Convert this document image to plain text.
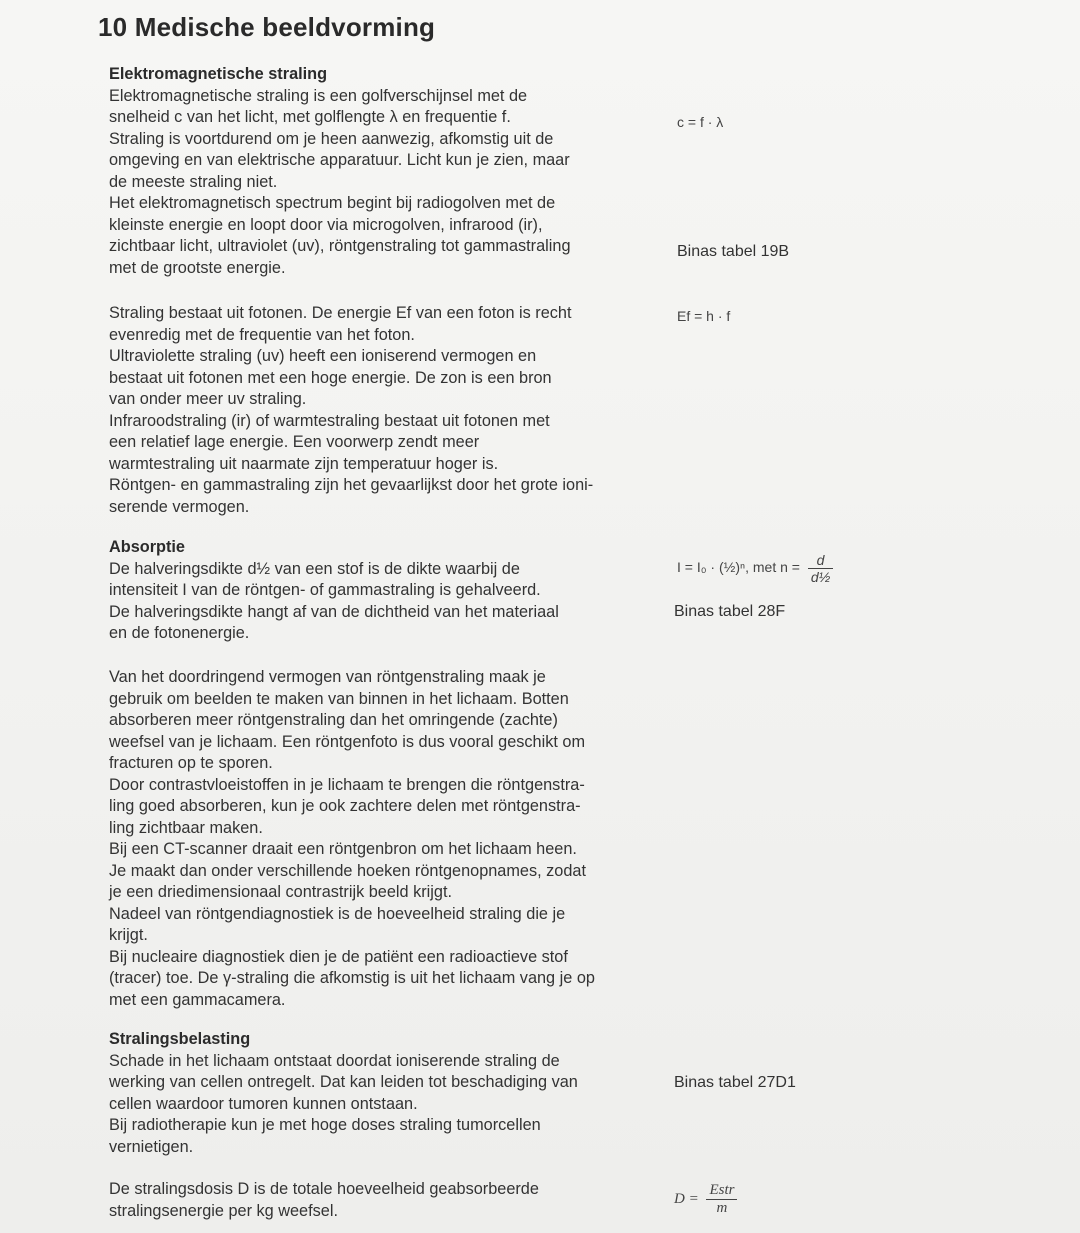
10 Medische beeldvorming

Elektromagnetische straling

Elektromagnetische straling is een golfverschijnsel met de

snelheid c van het licht, met golflengte λ en frequentie f.

Straling is voortdurend om je heen aanwezig, afkomstig uit de

omgeving en van elektrische apparatuur. Licht kun je zien, maar

de meeste straling niet.

Het elektromagnetisch spectrum begint bij radiogolven met de

kleinste energie en loopt door via microgolven, infrarood (ir),

zichtbaar licht, ultraviolet (uv), röntgenstraling tot gammastraling

met de grootste energie.

c = f · λ
Binas tabel 19B

Straling bestaat uit fotonen. De energie Ef van een foton is recht

evenredig met de frequentie van het foton.

Ultraviolette straling (uv) heeft een ioniserend vermogen en

bestaat uit fotonen met een hoge energie. De zon is een bron

van onder meer uv straling.

Infraroodstraling (ir) of warmtestraling bestaat uit fotonen met

een relatief lage energie. Een voorwerp zendt meer

warmtestraling uit naarmate zijn temperatuur hoger is.

Röntgen- en gammastraling zijn het gevaarlijkst door het grote ioni-

serende vermogen.

Ef = h · f

Absorptie

De halveringsdikte d½ van een stof is de dikte waarbij de

intensiteit I van de röntgen- of gammastraling is gehalveerd.

De halveringsdikte hangt af van de dichtheid van het materiaal

en de fotonenergie.

I = I₀ · (½)ⁿ, met $n = \frac{d}{\text{d½}}$
Binas tabel 28F

Van het doordringend vermogen van röntgenstraling maak je

gebruik om beelden te maken van binnen in het lichaam. Botten

absorberen meer röntgenstraling dan het omringende (zachte)

weefsel van je lichaam. Een röntgenfoto is dus vooral geschikt om

fracturen op te sporen.

Door contrastvloeistoffen in je lichaam te brengen die röntgenstra-

ling goed absorberen, kun je ook zachtere delen met röntgenstra-

ling zichtbaar maken.

Bij een CT-scanner draait een röntgenbron om het lichaam heen.

Je maakt dan onder verschillende hoeken röntgenopnames, zodat

je een driedimensionaal contrastrijk beeld krijgt.

Nadeel van röntgendiagnostiek is de hoeveelheid straling die je

krijgt.

Bij nucleaire diagnostiek dien je de patiënt een radioactieve stof

(tracer) toe. De γ-straling die afkomstig is uit het lichaam vang je op

met een gammacamera.

Stralingsbelasting

Schade in het lichaam ontstaat doordat ioniserende straling de

werking van cellen ontregelt. Dat kan leiden tot beschadiging van

cellen waardoor tumoren kunnen ontstaan.

Bij radiotherapie kun je met hoge doses straling tumorcellen

vernietigen.

Binas tabel 27D1

De stralingsdosis D is de totale hoeveelheid geabsorbeerde

stralingsenergie per kg weefsel.

$D = \frac{\text{Estr}}{m}$
